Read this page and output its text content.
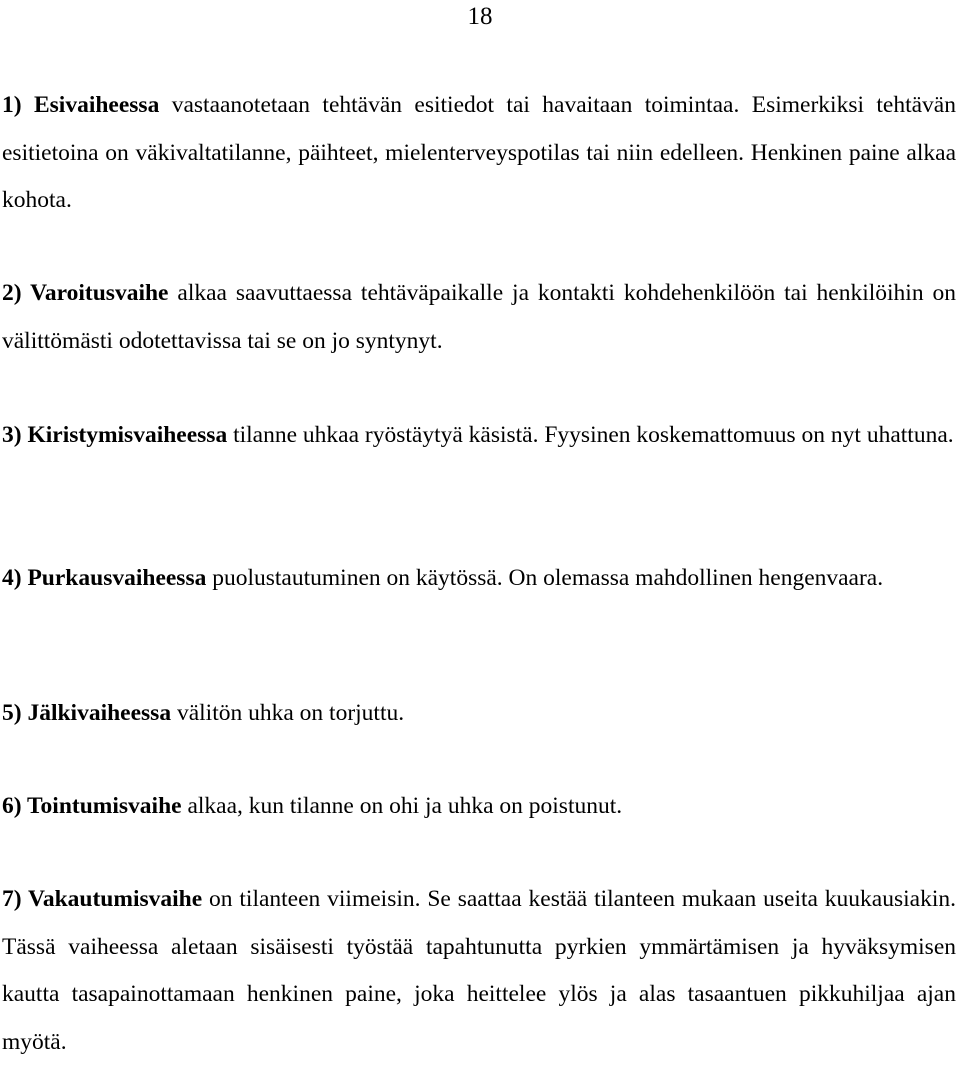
18

1) Esivaiheessa vastaanotetaan tehtävän esitiedot tai havaitaan toimintaa. Esimerkiksi tehtävän esitietoina on väkivaltatilanne, päihteet, mielenterveyspotilas tai niin edelleen. Henkinen paine alkaa kohota.

2) Varoitusvaihe alkaa saavuttaessa tehtäväpaikalle ja kontakti kohdehenkilöön tai henkilöihin on välittömästi odotettavissa tai se on jo syntynyt.

3) Kiristymisvaiheessa tilanne uhkaa ryöstäytyä käsistä. Fyysinen koskemattomuus on nyt uhattuna.

4) Purkausvaiheessa puolustautuminen on käytössä. On olemassa mahdollinen hengenvaara.

5) Jälkivaiheessa välitön uhka on torjuttu.

6) Tointumisvaihe alkaa, kun tilanne on ohi ja uhka on poistunut.

7) Vakautumisvaihe on tilanteen viimeisin. Se saattaa kestää tilanteen mukaan useita kuukausiakin. Tässä vaiheessa aletaan sisäisesti työstää tapahtunutta pyrkien ymmärtämisen ja hyväksymisen kautta tasapainottamaan henkinen paine, joka heittelee ylös ja alas tasaantuen pikkuhiljaa ajan myötä.
